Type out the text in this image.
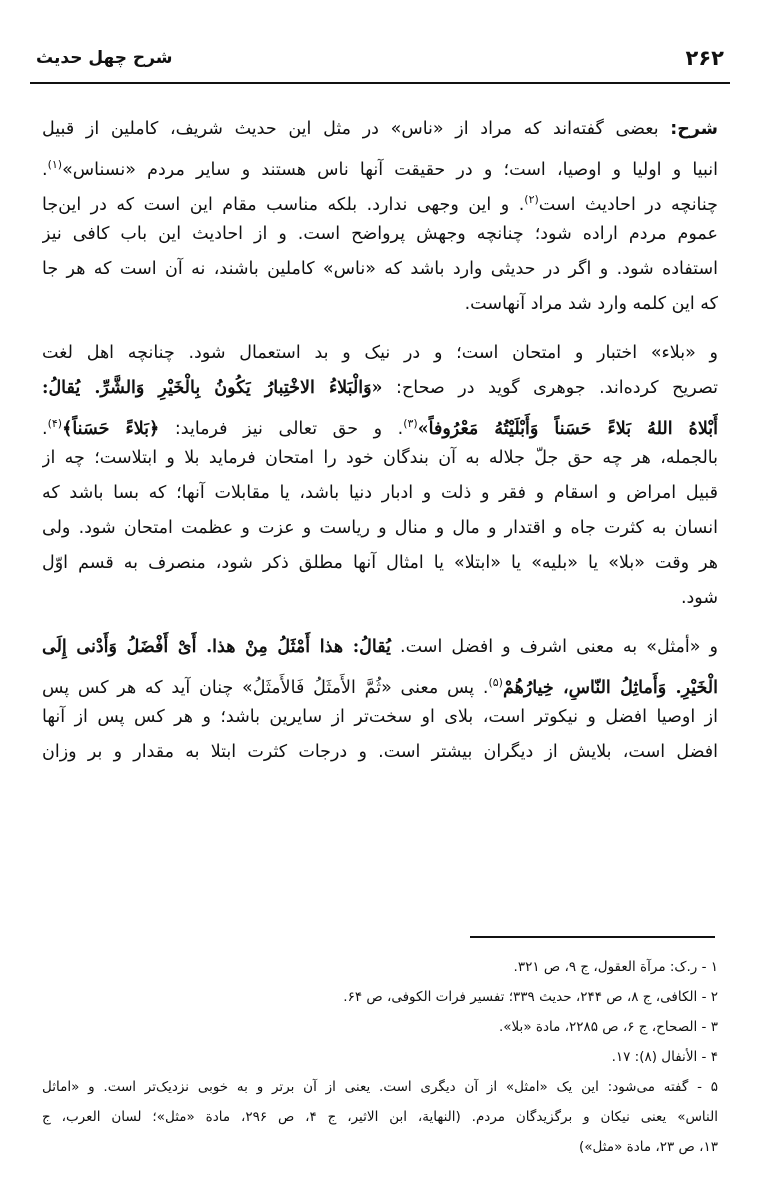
۲۶۲
شرح چهل حدیث
شرح: بعضی گفته‌اند که مراد از «ناس» در مثل این حدیث شریف، کاملین از قبیل
انبیا و اولیا و اوصیا، است؛ و در حقیقت آنها ناس هستند و سایر مردم «نسناس»$^{(۱)}$.
چنانچه در احادیث است$^{(۲)}$. و این وجهی ندارد. بلکه مناسب مقام این است که در این‌جا
عموم مردم اراده شود؛ چنانچه وجهش پرواضح است. و از احادیث این باب کافی نیز
استفاده شود. و اگر در حدیثی وارد باشد که «ناس» کاملین باشند، نه آن است که هر جا
که این کلمه وارد شد مراد آنهاست.
و «بلاء» اختبار و امتحان است؛ و در نیک و بد استعمال شود. چنانچه اهل لغت
تصریح کرده‌اند. جوهری گوید در صحاح: «وَالْبَلاءُ الاخْتِبارُ یَکُونُ بِالْخَیْرِ وَالشَّرِّ. یُقالُ:
أَبْلاهُ اللهُ بَلاءً حَسَناً وَأَبْلَیْتُهُ مَعْرُوفاً»$^{(۳)}$. و حق تعالی نیز فرماید: ﴿بَلاءً حَسَناً﴾$^{(۴)}$.
بالجمله، هر چه حق جلّ جلاله به آن بندگان خود را امتحان فرماید بلا و ابتلاست؛ چه از
قبیل امراض و اسقام و فقر و ذلت و ادبار دنیا باشد، یا مقابلات آنها؛ که بسا باشد که
انسان به کثرت جاه و اقتدار و مال و منال و ریاست و عزت و عظمت امتحان شود. ولی
هر وقت «بلا» یا «بلیه» یا «ابتلا» یا امثال آنها مطلق ذکر شود، منصرف به قسم اوّل
شود.
و «أمثل» به معنی اشرف و افضل است. یُقالُ: هذا أَمْثَلُ مِنْ هذا. أَیْ أَفْضَلُ وَأَدْنی إِلَی
الْخَیْرِ. وَأَماثِلُ النّاسِ، خِیارُهُمْ$^{(۵)}$. پس معنی «ثُمَّ الأَمثَلُ فَالأَمثَلُ» چنان آید که هر کس پس
از اوصیا افضل و نیکوتر است، بلای او سخت‌تر از سایرین باشد؛ و هر کس پس از آنها
افضل است، بلایش از دیگران بیشتر است. و درجات کثرت ابتلا به مقدار و بر وزان
۱ - ر.ک: مرآة العقول، ج ۹، ص ۳۲۱.
۲ - الکافی، ج ۸، ص ۲۴۴، حدیث ۳۳۹؛ تفسیر فرات الکوفی، ص ۶۴.
۳ - الصحاح، ج ۶، ص ۲۲۸۵، مادة «بلا».
۴ - الأنفال (۸): ۱۷.
۵ - گفته می‌شود: این یک «امثل» از آن دیگری است. یعنی از آن برتر و به خوبی نزدیک‌تر است. و «اماثل
الناس» یعنی نیکان و برگزیدگان مردم. (النهایة، ابن الاثیر، ج ۴، ص ۲۹۶، مادة «مثل»؛ لسان العرب، ج
۱۳، ص ۲۳، مادة «مثل»)
